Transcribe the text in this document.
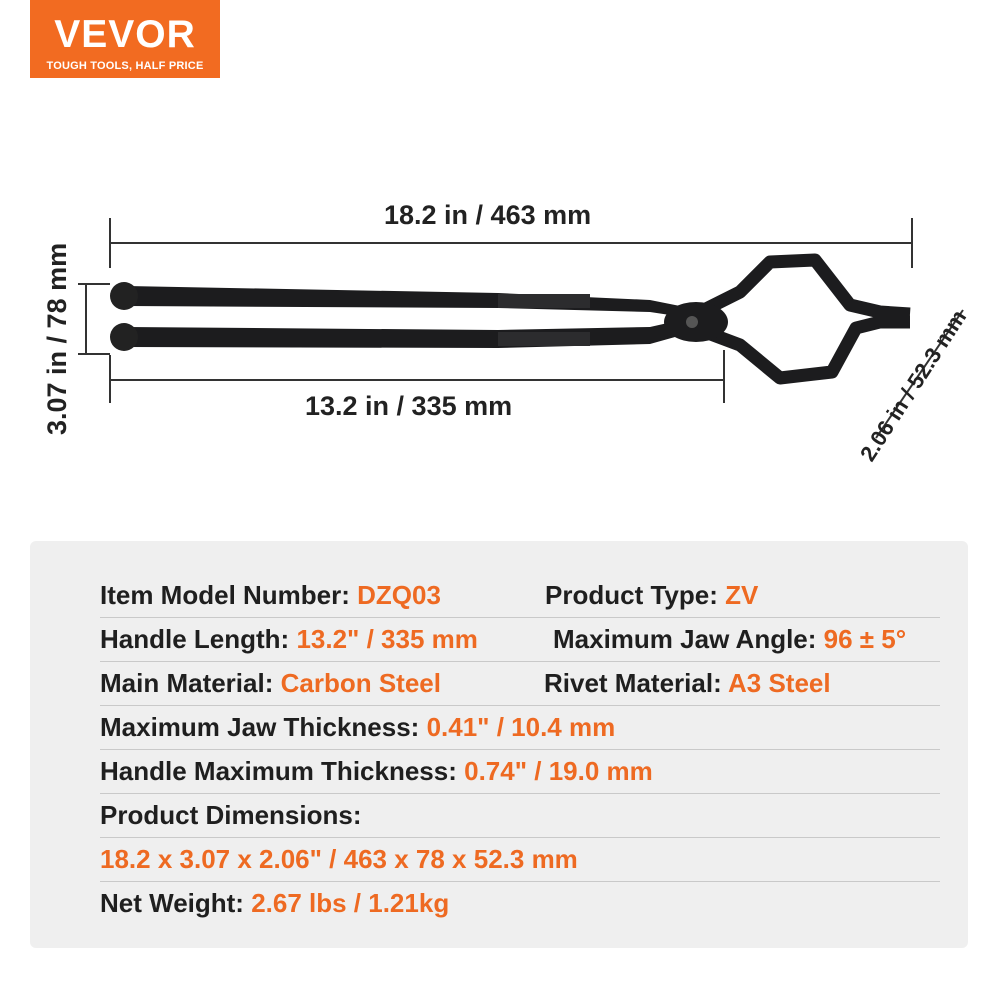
VEVOR
TOUGH TOOLS, HALF PRICE
18.2 in / 463 mm
13.2 in / 335 mm
3.07 in / 78 mm	2.06 in / 52.3 mm
Item Model Number: DZQ03	Product Type: ZV
Handle Length: 13.2" / 335 mm	Maximum Jaw Angle: 96 ± 5°
Main Material: Carbon Steel	Rivet Material: A3 Steel
Maximum Jaw Thickness: 0.41" / 10.4 mm
Handle Maximum Thickness: 0.74" / 19.0 mm
Product Dimensions:
18.2 x 3.07 x 2.06" / 463 x 78 x 52.3 mm
Net Weight: 2.67 lbs / 1.21kg
